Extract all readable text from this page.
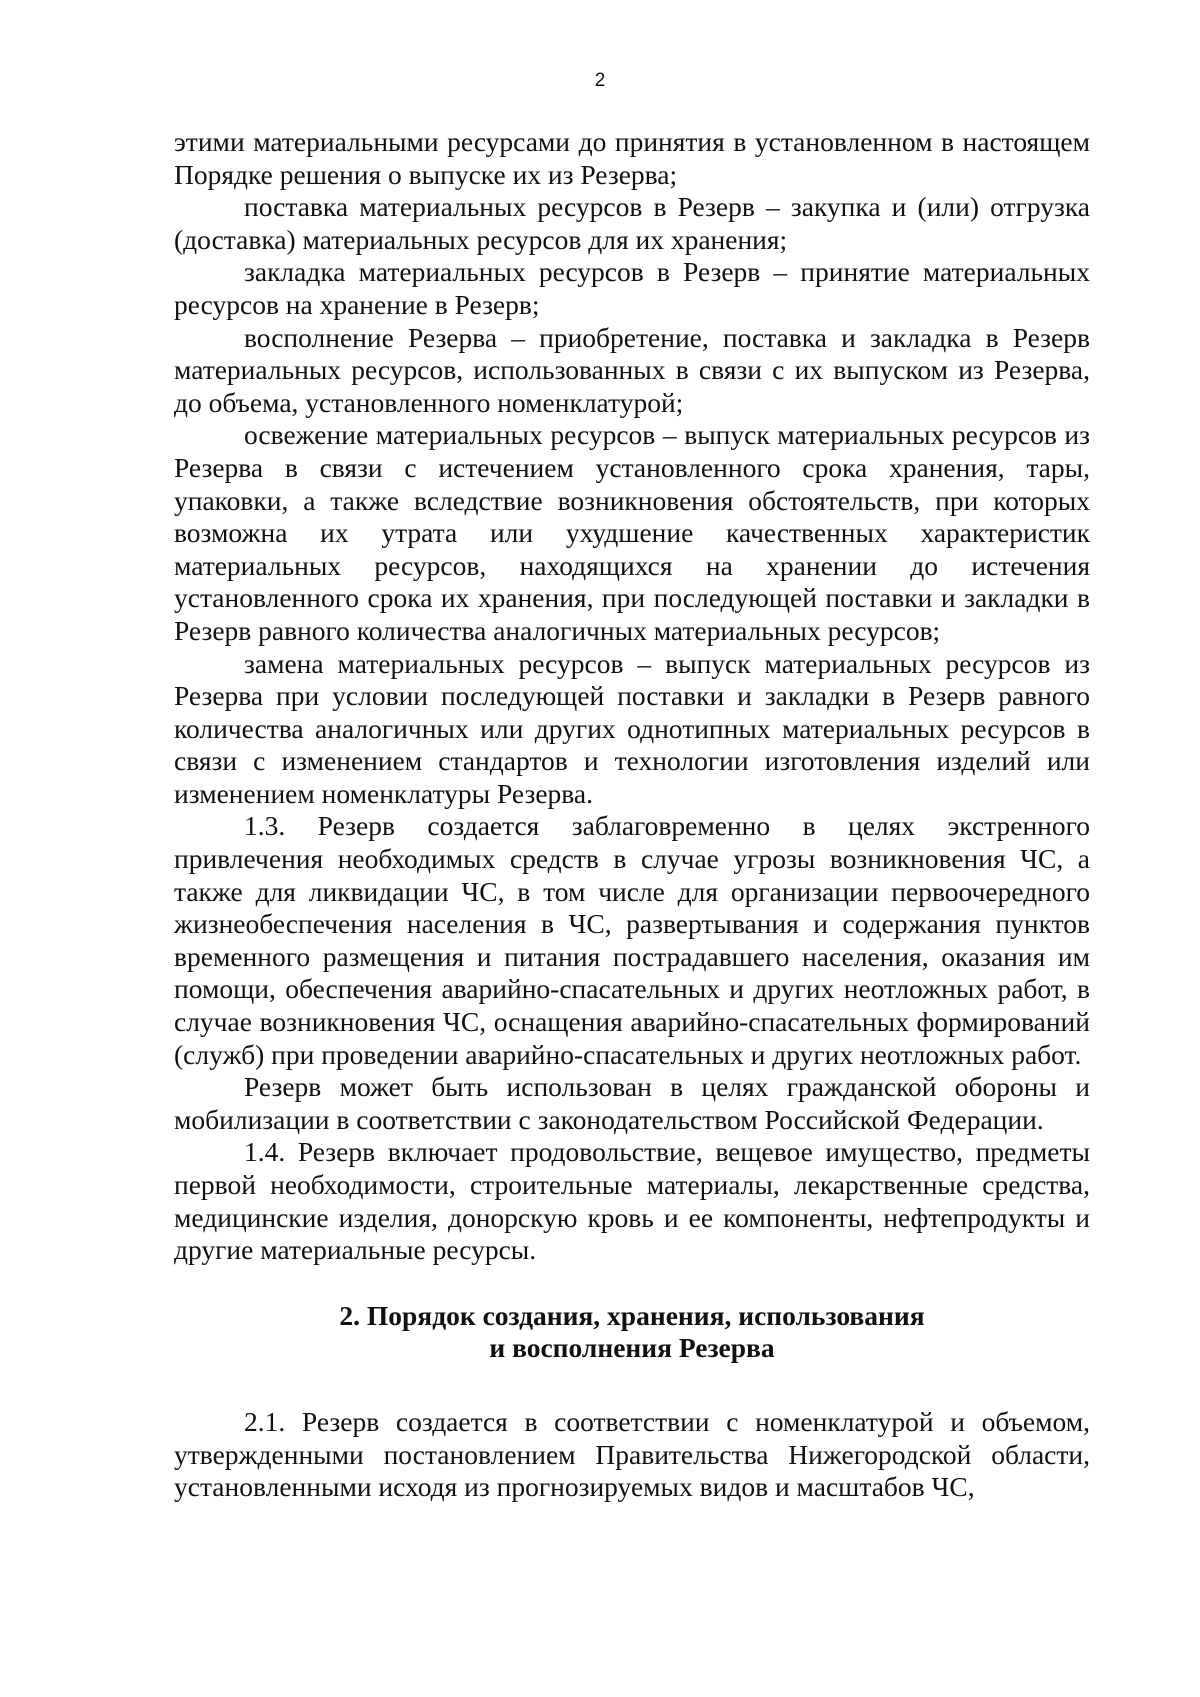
2

этими материальными ресурсами до принятия в установленном в настоящем Порядке решения о выпуске их из Резерва;

поставка материальных ресурсов в Резерв – закупка и (или) отгрузка (доставка) материальных ресурсов для их хранения;

закладка материальных ресурсов в Резерв – принятие материальных ресурсов на хранение в Резерв;

восполнение Резерва – приобретение, поставка и закладка в Резерв материальных ресурсов, использованных в связи с их выпуском из Резерва, до объема, установленного номенклатурой;

освежение материальных ресурсов – выпуск материальных ресурсов из Резерва в связи с истечением установленного срока хранения, тары, упаковки, а также вследствие возникновения обстоятельств, при которых возможна их утрата или ухудшение качественных характеристик материальных ресурсов, находящихся на хранении до истечения установленного срока их хранения, при последующей поставки и закладки в Резерв равного количества аналогичных материальных ресурсов;

замена материальных ресурсов – выпуск материальных ресурсов из Резерва при условии последующей поставки и закладки в Резерв равного количества аналогичных или других однотипных материальных ресурсов в связи с изменением стандартов и технологии изготовления изделий или изменением номенклатуры Резерва.

1.3. Резерв создается заблаговременно в целях экстренного привлечения необходимых средств в случае угрозы возникновения ЧС, а также для ликвидации ЧС, в том числе для организации первоочередного жизнеобеспечения населения в ЧС, развертывания и содержания пунктов временного размещения и питания пострадавшего населения, оказания им помощи, обеспечения аварийно-спасательных и других неотложных работ, в случае возникновения ЧС, оснащения аварийно-спасательных формирований (служб) при проведении аварийно-спасательных и других неотложных работ.

Резерв может быть использован в целях гражданской обороны и мобилизации в соответствии с законодательством Российской Федерации.

1.4. Резерв включает продовольствие, вещевое имущество, предметы первой необходимости, строительные материалы, лекарственные средства, медицинские изделия, донорскую кровь и ее компоненты, нефтепродукты и другие материальные ресурсы.

2. Порядок создания, хранения, использования
и восполнения Резерва

2.1. Резерв создается в соответствии с номенклатурой и объемом, утвержденными постановлением Правительства Нижегородской области, установленными исходя из прогнозируемых видов и масштабов ЧС,
